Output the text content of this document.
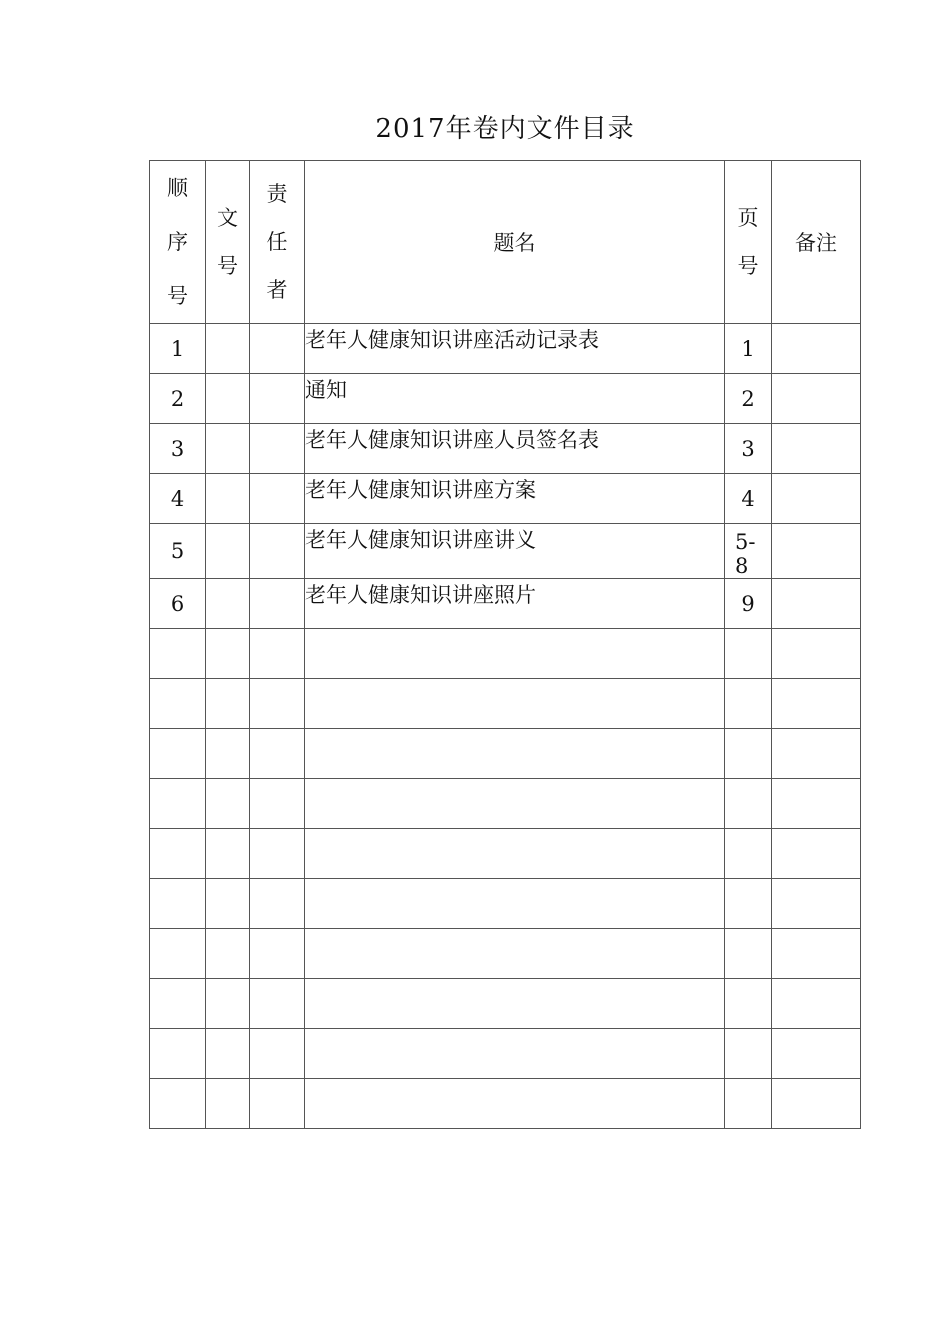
2017年卷内文件目录
顺序号	文号	责任者	题名	页号	备注
1			老年人健康知识讲座活动记录表	1	
2			通知	2	
3			老年人健康知识讲座人员签名表	3	
4			老年人健康知识讲座方案	4	
5			老年人健康知识讲座讲义	5-8	
6			老年人健康知识讲座照片	9	
